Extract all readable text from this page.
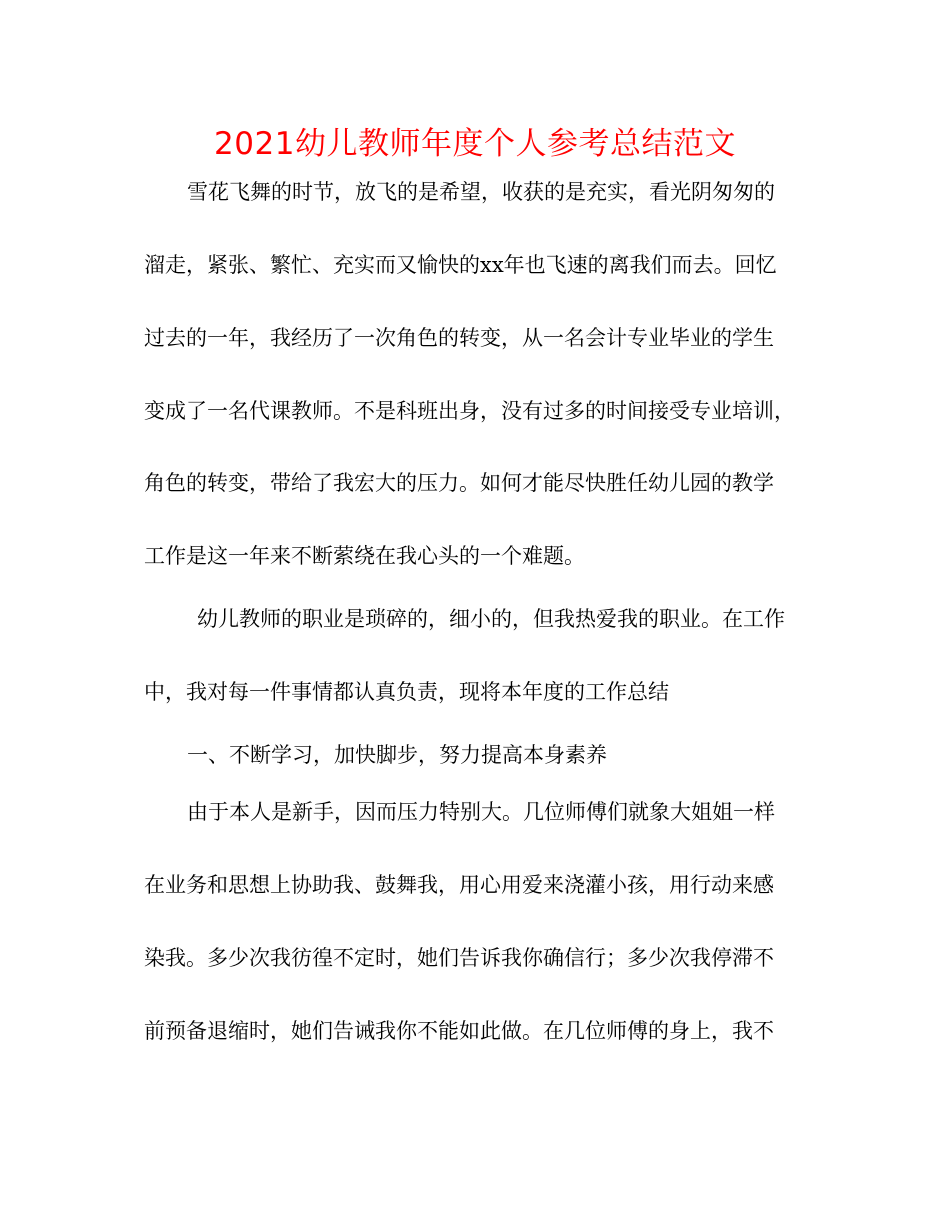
2021幼儿教师年度个人参考总结范文
雪花飞舞的时节，放飞的是希望，收获的是充实，看光阴匆匆的
溜走，紧张、繁忙、充实而又愉快的xx年也飞速的离我们而去。回忆
过去的一年，我经历了一次角色的转变，从一名会计专业毕业的学生
变成了一名代课教师。不是科班出身，没有过多的时间接受专业培训，
角色的转变，带给了我宏大的压力。如何才能尽快胜任幼儿园的教学
工作是这一年来不断萦绕在我心头的一个难题。
幼儿教师的职业是琐碎的，细小的，但我热爱我的职业。在工作
中，我对每一件事情都认真负责，现将本年度的工作总结
一、不断学习，加快脚步，努力提高本身素养
由于本人是新手，因而压力特别大。几位师傅们就象大姐姐一样
在业务和思想上协助我、鼓舞我，用心用爱来浇灌小孩，用行动来感
染我。多少次我彷徨不定时，她们告诉我你确信行；多少次我停滞不
前预备退缩时，她们告诫我你不能如此做。在几位师傅的身上，我不
